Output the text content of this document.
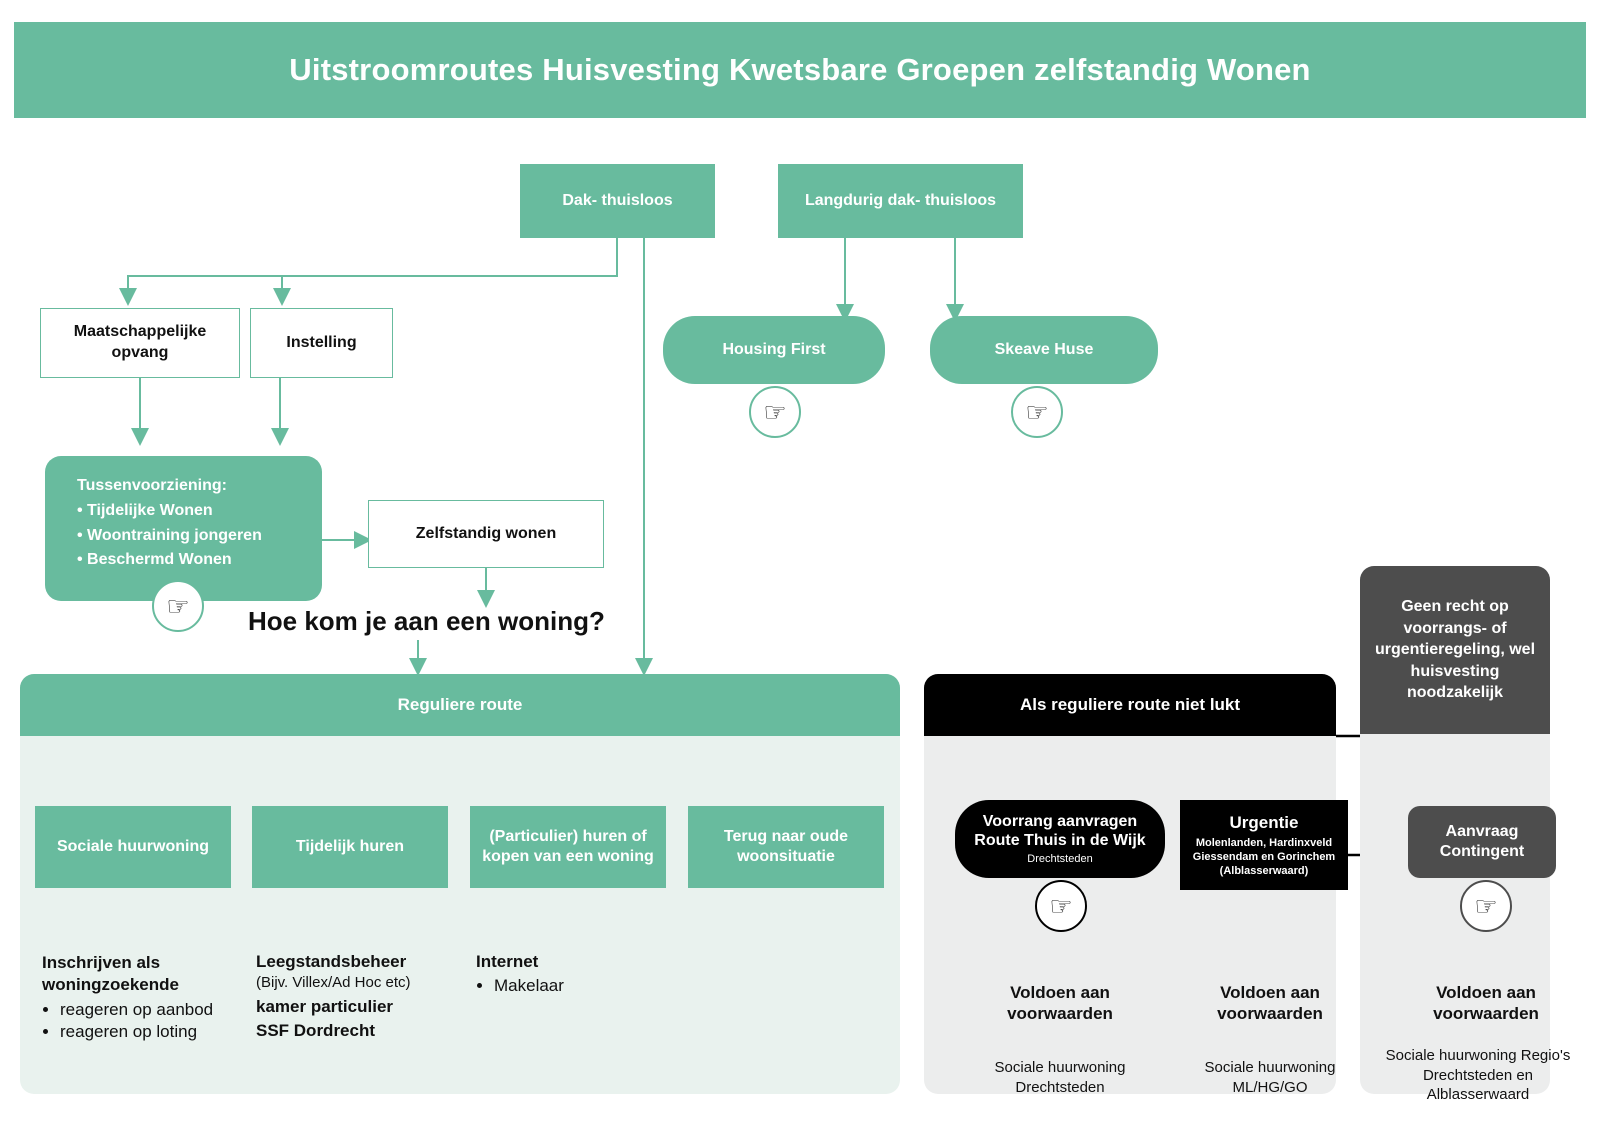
Uitstroomroutes Huisvesting Kwetsbare Groepen zelfstandig Wonen
Dak- thuisloos	Langdurig dak- thuisloos
Maatschappelijke opvang
Instelling	Housing First
☞
Skeave Huse
☞
Tussenvoorziening:
• Tijdelijke Wonen
• Woontraining jongeren
• Beschermd Wonen
☞
Zelfstandig wonen
Hoe kom je aan een woning?
Reguliere route
Sociale huurwoning	Tijdelijk huren
(Particulier) huren of kopen van een woning
Terug naar oude woonsituatie
Inschrijven als woningzoekende
• reageren op aanbod
• reageren op loting
Leegstandsbeheer
(Bijv. Villex/Ad Hoc etc)
kamer particulier
SSF Dordrecht
Internet
• Makelaar
Als reguliere route niet lukt
Voorrang aanvragen
Route Thuis in de Wijk
Drechtsteden
☞
Urgentie
Molenlanden, Hardinxveld Giessendam en Gorinchem
(Alblasserwaard)
Voldoen aan voorwaarden
Sociale huurwoning Drechtsteden
Voldoen aan voorwaarden
Sociale huurwoning ML/HG/GO
Geen recht op voorrangs- of urgentieregeling, wel huisvesting noodzakelijk
Aanvraag Contingent
☞
Voldoen aan voorwaarden
Sociale huurwoning Regio's Drechtsteden en Alblasserwaard
